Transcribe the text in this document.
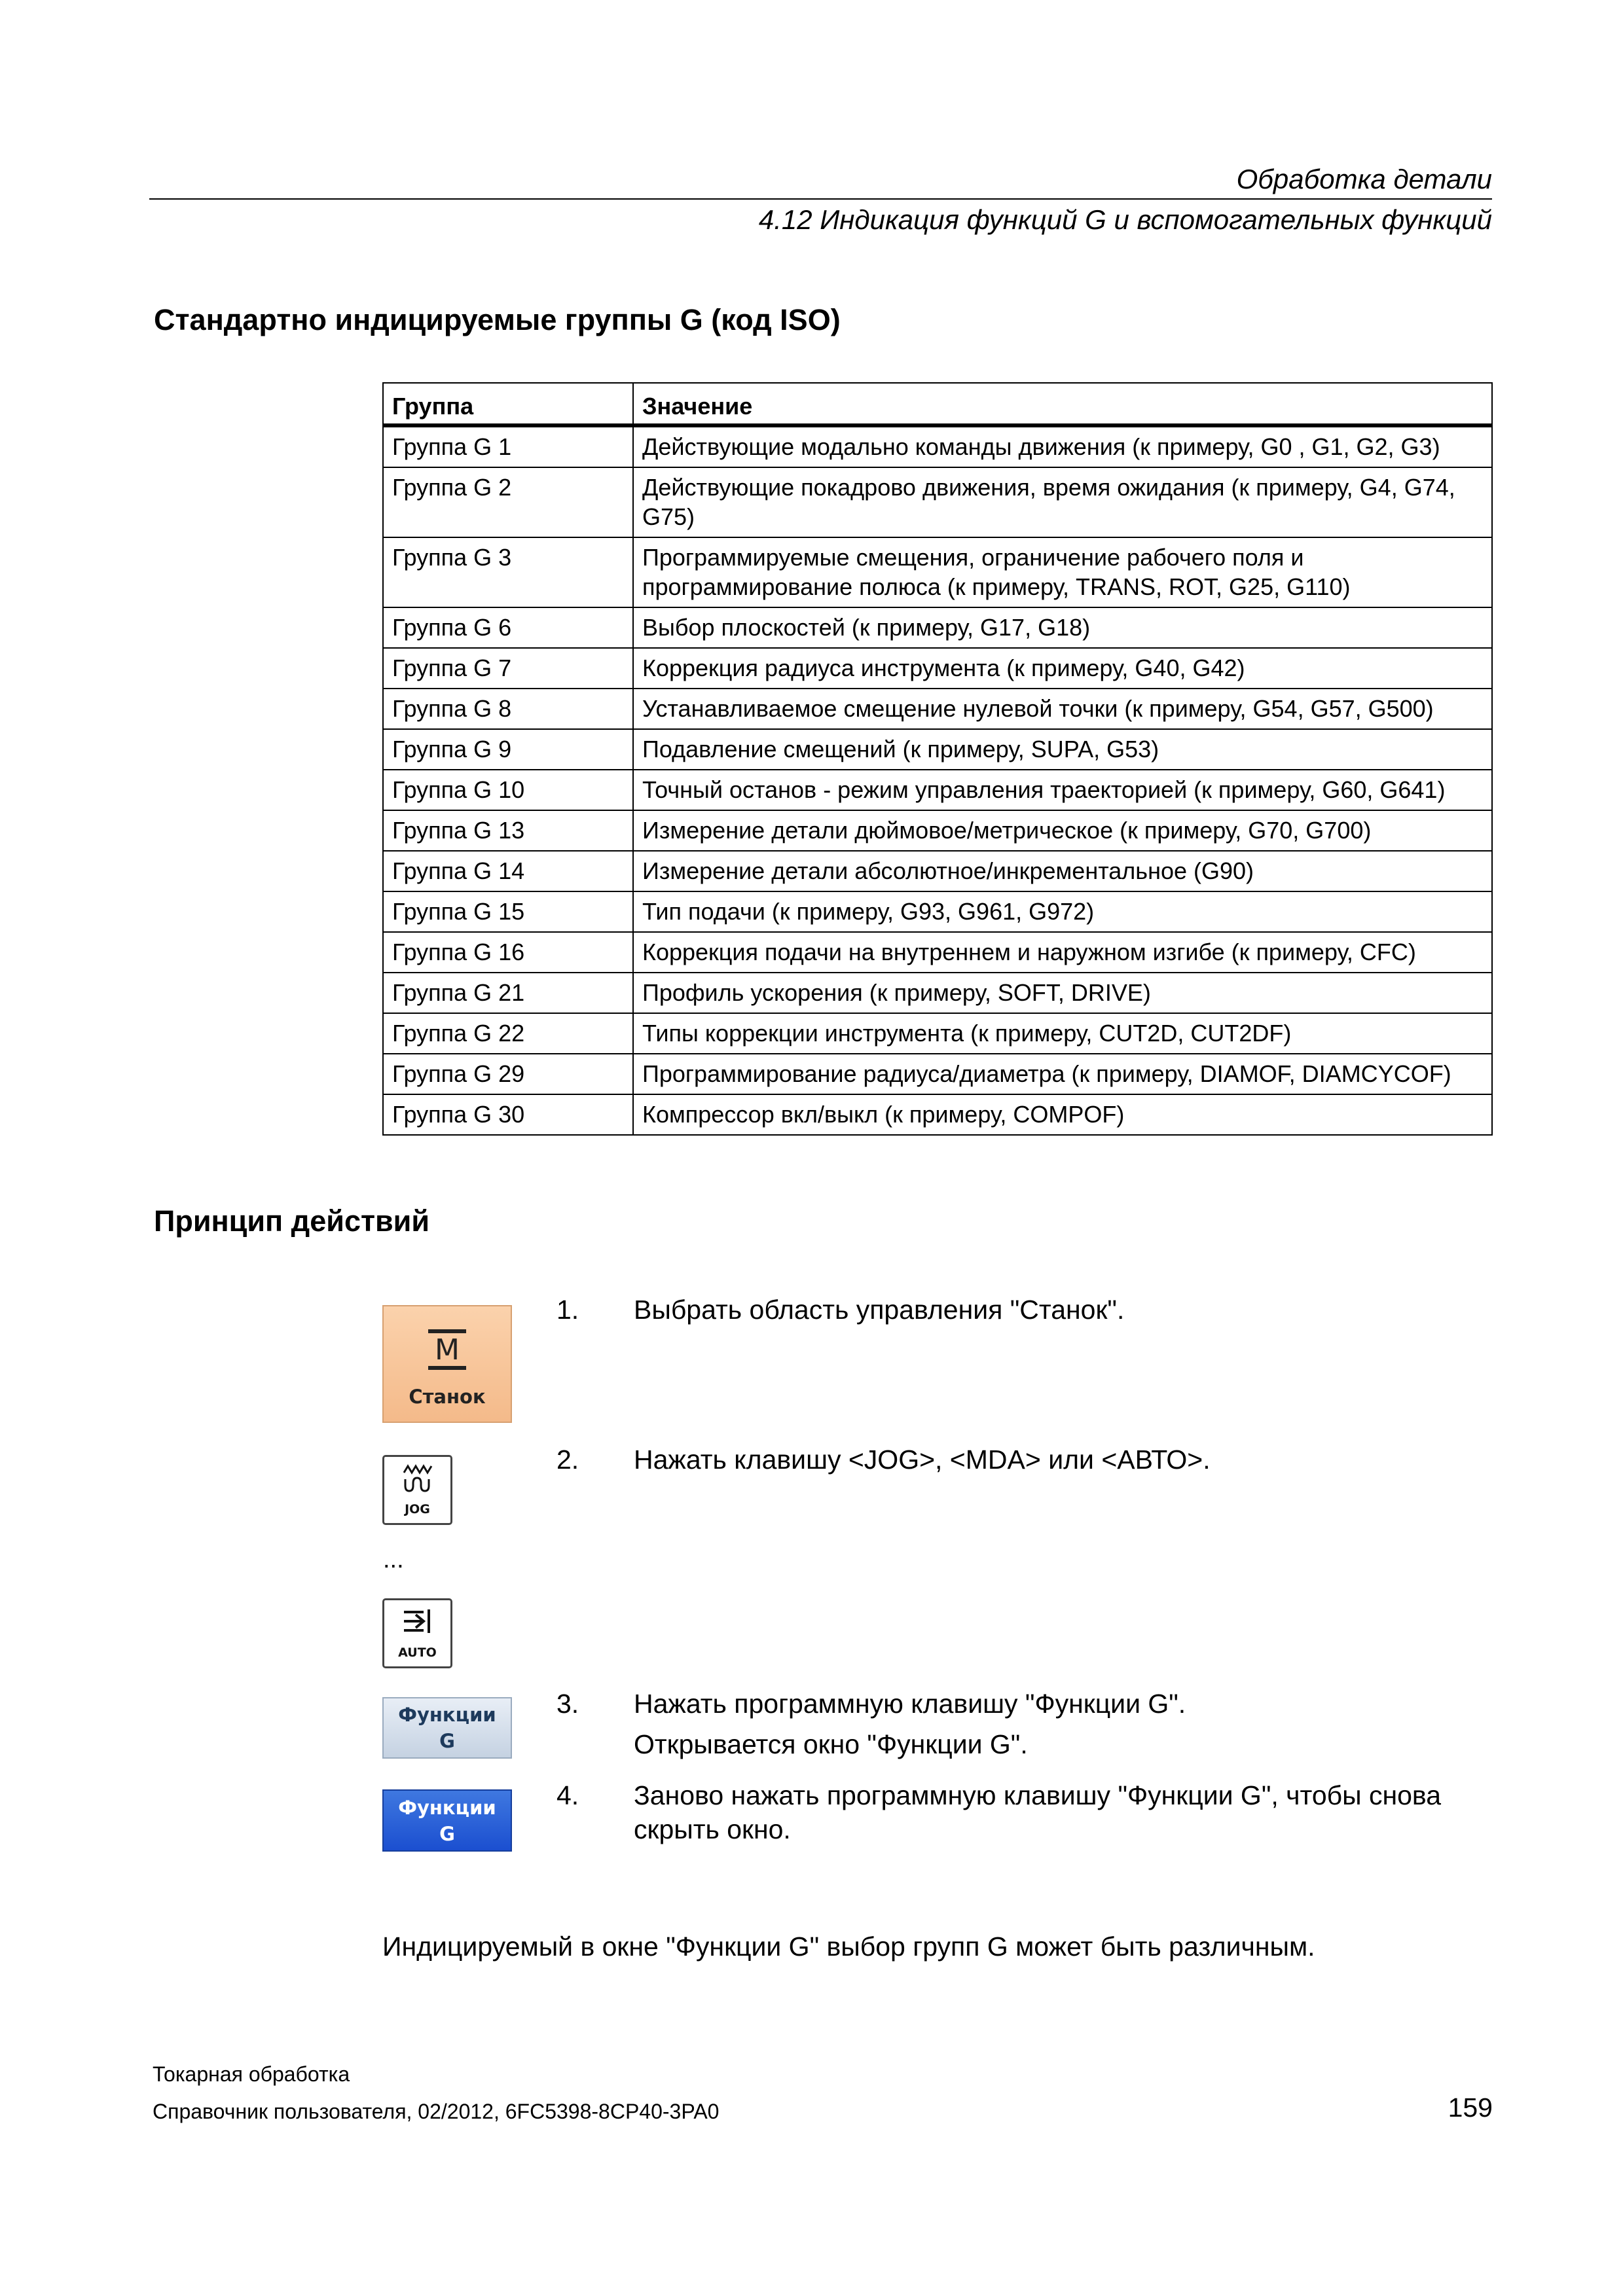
Обработка детали
4.12 Индикация функций G и вспомогательных функций
Стандартно индицируемые группы G (код ISO)
Группа	Значение
Группа G 1	Действующие модально команды движения (к примеру, G0 , G1, G2, G3)
Группа G 2	Действующие покадрово движения, время ожидания (к примеру, G4, G74, G75)
Группа G 3	Программируемые смещения, ограничение рабочего поля и программирование полюса (к примеру, TRANS, ROT, G25, G110)
Группа G 6	Выбор плоскостей (к примеру, G17, G18)
Группа G 7	Коррекция радиуса инструмента (к примеру, G40, G42)
Группа G 8	Устанавливаемое смещение нулевой точки (к примеру, G54, G57, G500)
Группа G 9	Подавление смещений (к примеру, SUPA, G53)
Группа G 10	Точный останов - режим управления траекторией (к примеру, G60, G641)
Группа G 13	Измерение детали дюймовое/метрическое (к примеру, G70, G700)
Группа G 14	Измерение детали абсолютное/инкрементальное (G90)
Группа G 15	Тип подачи (к примеру, G93, G961, G972)
Группа G 16	Коррекция подачи на внутреннем и наружном изгибе (к примеру, CFC)
Группа G 21	Профиль ускорения (к примеру, SOFT, DRIVE)
Группа G 22	Типы коррекции инструмента (к примеру, CUT2D, CUT2DF)
Группа G 29	Программирование радиуса/диаметра (к примеру, DIAMOF, DIAMCYCOF)
Группа G 30	Компрессор вкл/выкл (к примеру, COMPOF)
Принцип действий
M
Станок
JOG
...
AUTO
Функции
G
Функции
G
1. Выбрать область управления "Станок".
2. Нажать клавишу <JOG>, <MDA> или <АВТО>.
3. Нажать программную клавишу "Функции G".
Открывается окно "Функции G".
4. Заново нажать программную клавишу "Функции G", чтобы снова скрыть окно.
Индицируемый в окне "Функции G" выбор групп G может быть различным.
Токарная обработка
Справочник пользователя, 02/2012, 6FC5398-8CP40-3PA0	159
